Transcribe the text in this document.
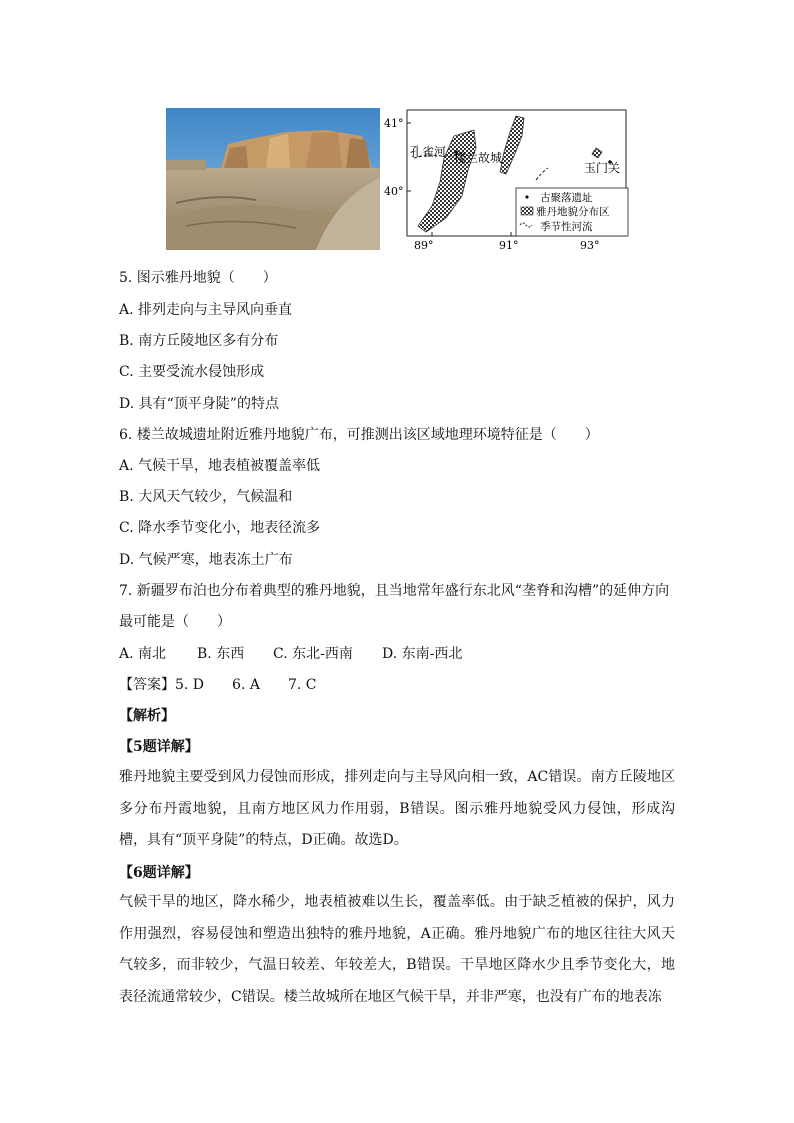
41°
40°
89°	91°	93°
孔雀河 楼兰故城
玉门关
古聚落遗址
雅丹地貌分布区
季节性河流
5. 图示雅丹地貌（　　）
A. 排列走向与主导风向垂直
B. 南方丘陵地区多有分布
C. 主要受流水侵蚀形成
D. 具有“顶平身陡”的特点
6. 楼兰故城遗址附近雅丹地貌广布，可推测出该区域地理环境特征是（　　）
A. 气候干旱，地表植被覆盖率低
B. 大风天气较少，气候温和
C. 降水季节变化小，地表径流多
D. 气候严寒，地表冻土广布
7. 新疆罗布泊也分布着典型的雅丹地貌，且当地常年盛行东北风“垄脊和沟槽”的延伸方向
最可能是（　　）
A. 南北 B. 东西 C. 东北-西南 D. 东南-西北
【答案】5. D　　6. A　　7. C
【解析】
【5题详解】
雅丹地貌主要受到风力侵蚀而形成，排列走向与主导风向相一致，AC错误。南方丘陵地区多分布丹霞地貌，且南方地区风力作用弱，B错误。图示雅丹地貌受风力侵蚀，形成沟槽，具有“顶平身陡”的特点，D正确。故选D。
【6题详解】
气候干旱的地区，降水稀少，地表植被难以生长，覆盖率低。由于缺乏植被的保护，风力作用强烈，容易侵蚀和塑造出独特的雅丹地貌，A正确。雅丹地貌广布的地区往往大风天气较多，而非较少，气温日较差、年较差大，B错误。干旱地区降水少且季节变化大，地表径流通常较少，C错误。楼兰故城所在地区气候干旱，并非严寒，也没有广布的地表冻
